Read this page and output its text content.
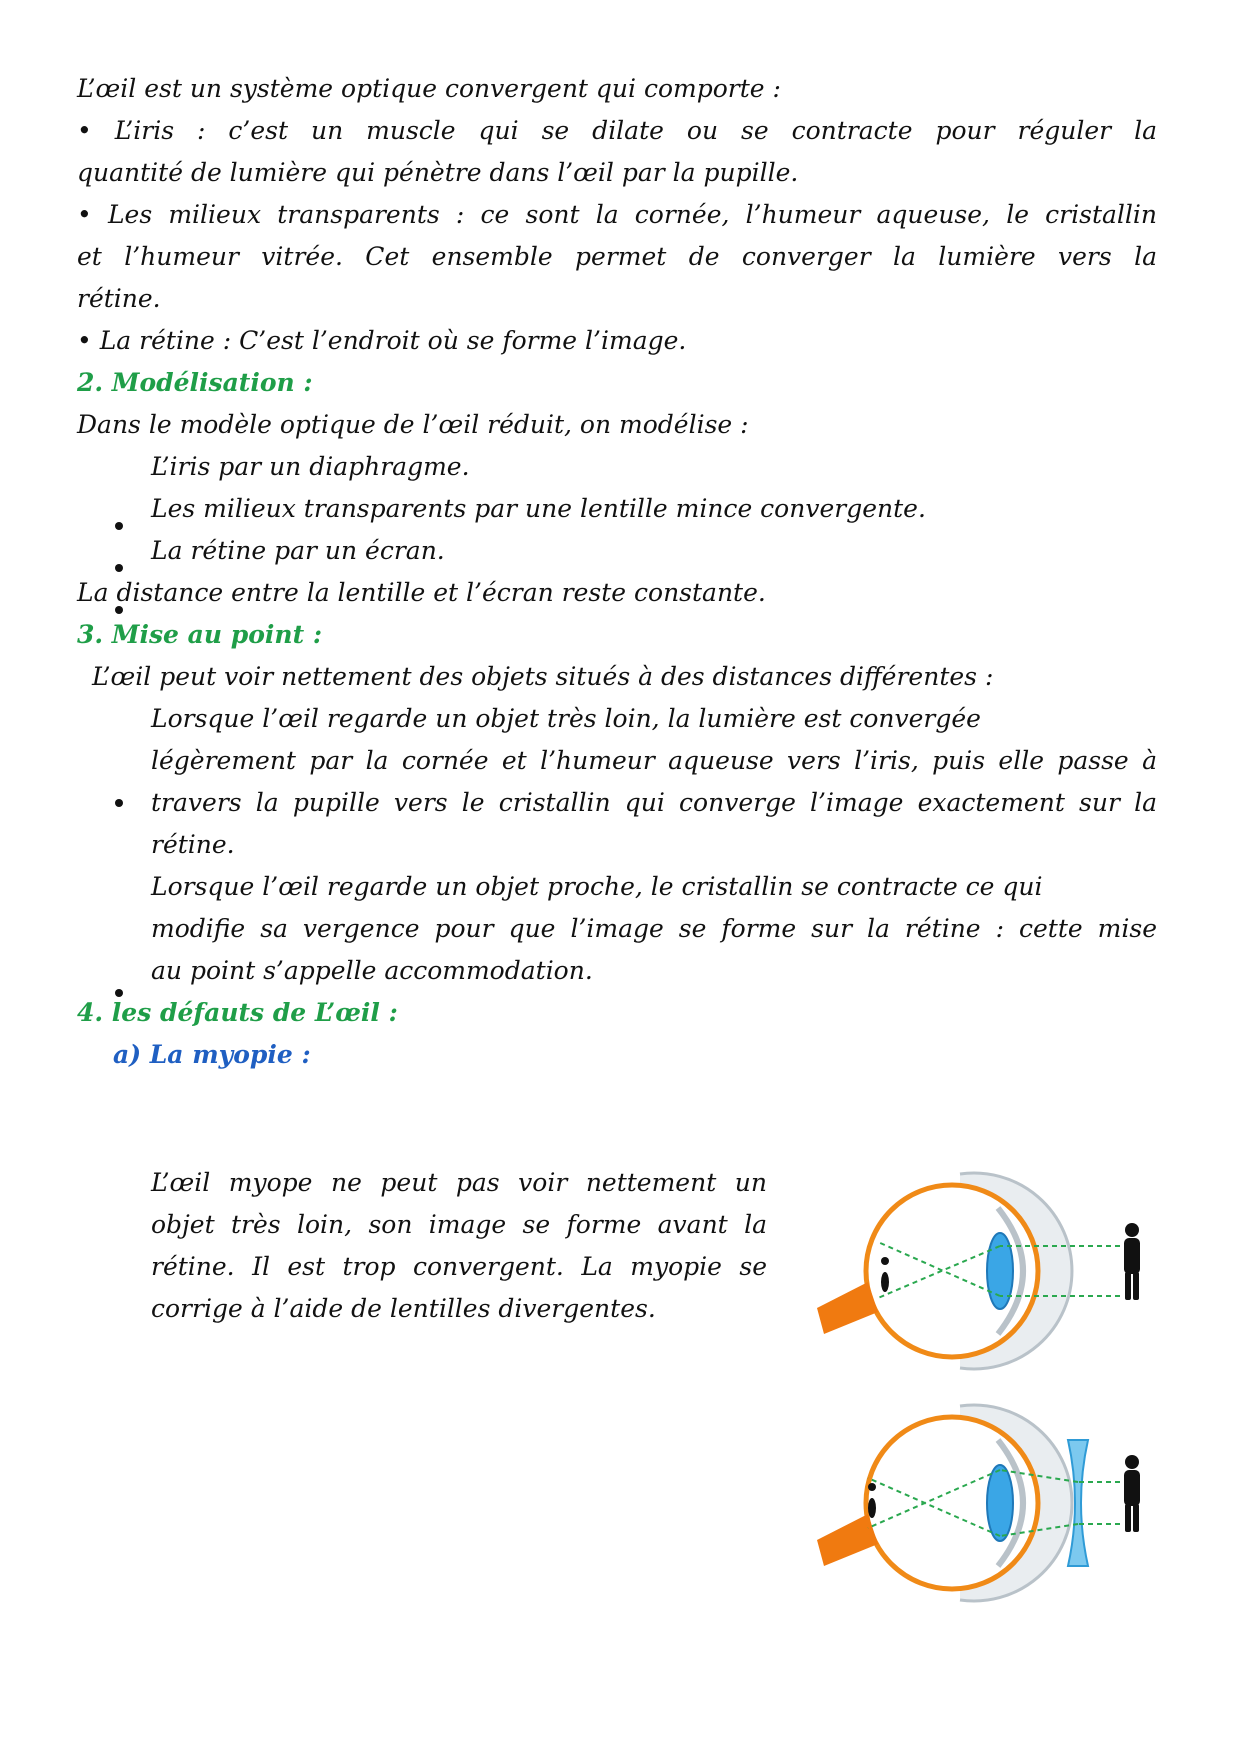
L’œil est un système optique convergent qui comporte :
• L’iris : c’est un muscle qui se dilate ou se contracte pour réguler la
quantité de lumière qui pénètre dans l’œil par la pupille.
• Les milieux transparents : ce sont la cornée, l’humeur aqueuse, le cristallin
et l’humeur vitrée. Cet ensemble permet de converger la lumière vers la
rétine.
• La rétine : C’est l’endroit où se forme l’image.
2. Modélisation :
Dans le modèle optique de l’œil réduit, on modélise :
L’iris par un diaphragme.
Les milieux transparents par une lentille mince convergente.
La rétine par un écran.
La distance entre la lentille et l’écran reste constante.
3. Mise au point :
L’œil peut voir nettement des objets situés à des distances différentes :
Lorsque l’œil regarde un objet très loin, la lumière est convergée
légèrement par la cornée et l’humeur aqueuse vers l’iris, puis elle passe à
travers la pupille vers le cristallin qui converge l’image exactement sur la
rétine.
Lorsque l’œil regarde un objet proche, le cristallin se contracte ce qui
modifie sa vergence pour que l’image se forme sur la rétine : cette mise
au point s’appelle accommodation.
4. les défauts de L’œil :
a) La myopie :
L’œil myope ne peut pas voir nettement un
objet très loin, son image se forme avant la
rétine. Il est trop convergent. La myopie se
corrige à l’aide de lentilles divergentes.
